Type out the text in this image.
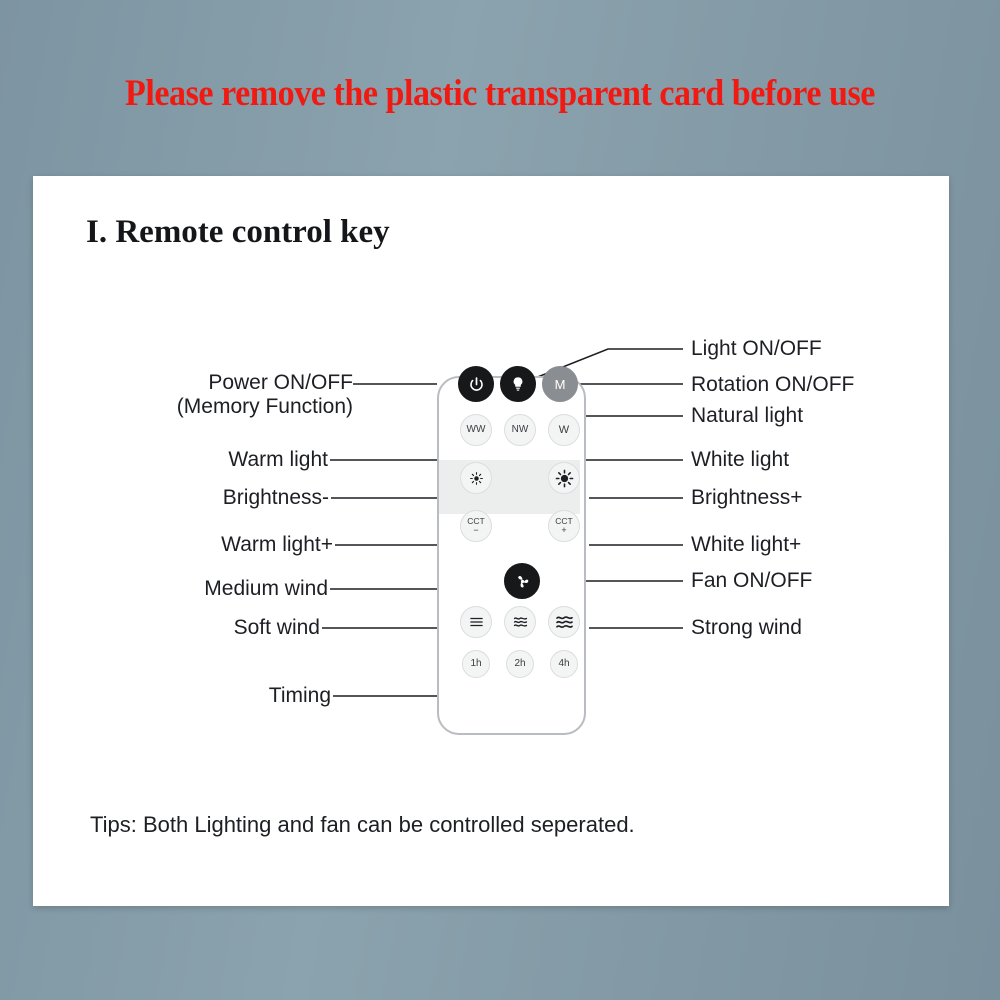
Please remove the plastic transparent card before use
I. Remote control key
Power ON/OFF
(Memory Function)
Warm light
Brightness-
Warm light+
Medium wind
Soft wind
Timing
Light ON/OFF
Rotation ON/OFF
Natural light
White light
Brightness+
White light+
Fan ON/OFF
Strong wind
M
WW	NW	W
CCT
−
CCT
+
1h	2h	4h
Tips: Both Lighting and fan can be controlled seperated.
